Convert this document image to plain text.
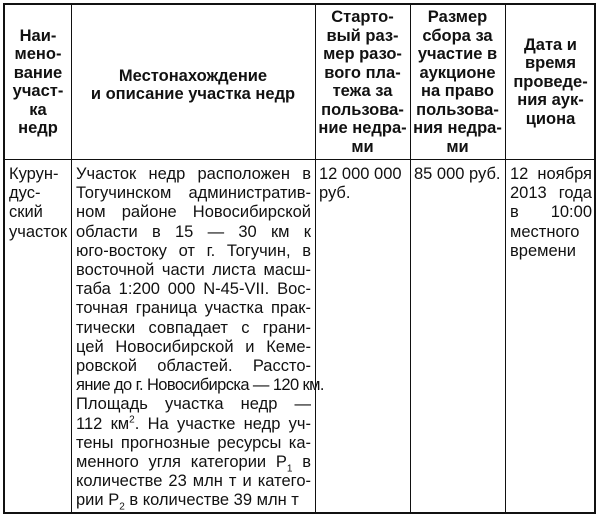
Наи-
мено-
вание
участ-
ка
недр
Местонахождение
и описание участка недр
Старто-
вый раз-
мер разо-
вого пла-
тежа за
пользова-
ние недра-
ми
Размер
сбора за
участие в
аукционе
на право
пользова-
ния недра-
ми
Дата и
время
проведе-
ния аук-
циона
Курун-
дус-
ский
участок
Участок недр расположен в
Тогучинском административ-
ном районе Новосибирской
области в 15 — 30 км к
юго-востоку от г. Тогучин, в
восточной части листа масш-
таба 1:200 000 N-45-VII. Вос-
точная граница участка прак-
тически совпадает с грани-
цей Новосибирской и Кеме-
ровской областей. Рассто-
яние до г. Новосибирска — 120 км.
Площадь участка недр —
112 $км^2$. На участке недр уч-
тены прогнозные ресурсы ка-
менного угля категории $Р_1$ в
количестве 23 млн т и катего-
рии $Р_2$ в количестве 39 млн т
12 000 000
руб.
85 000 руб. 12 ноября
2013 года
в 10:00
местного
времени
